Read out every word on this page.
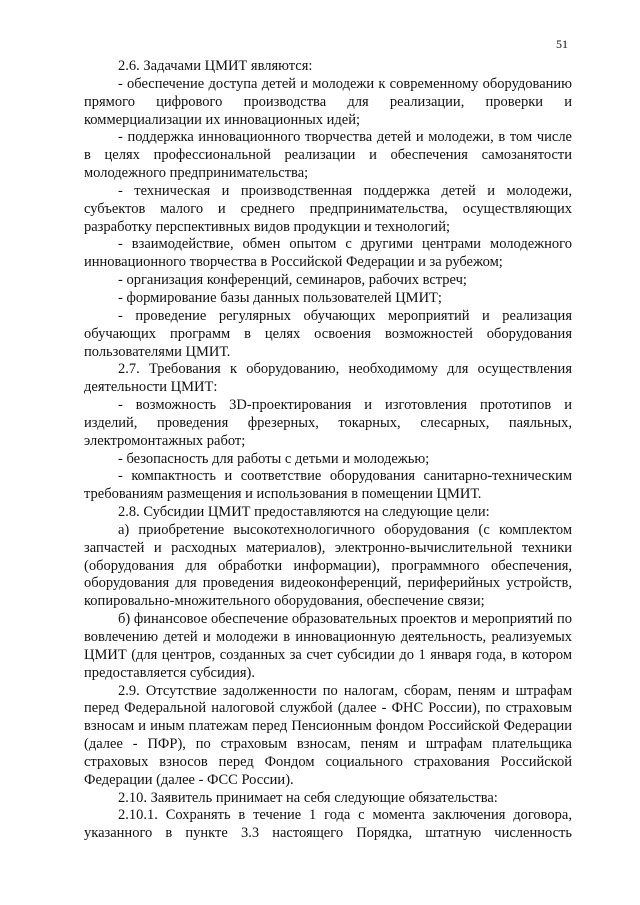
51

2.6. Задачами ЦМИТ являются:

- обеспечение доступа детей и молодежи к современному оборудованию прямого цифрового производства для реализации, проверки и коммерциализации их инновационных идей;

- поддержка инновационного творчества детей и молодежи, в том числе в целях профессиональной реализации и обеспечения самозанятости молодежного предпринимательства;

- техническая и производственная поддержка детей и молодежи, субъектов малого и среднего предпринимательства, осуществляющих разработку перспективных видов продукции и технологий;

- взаимодействие, обмен опытом с другими центрами молодежного инновационного творчества в Российской Федерации и за рубежом;

- организация конференций, семинаров, рабочих встреч;

- формирование базы данных пользователей ЦМИТ;

- проведение регулярных обучающих мероприятий и реализация обучающих программ в целях освоения возможностей оборудования пользователями ЦМИТ.

2.7. Требования к оборудованию, необходимому для осуществления деятельности ЦМИТ:

- возможность 3D-проектирования и изготовления прототипов и изделий, проведения фрезерных, токарных, слесарных, паяльных, электромонтажных работ;

- безопасность для работы с детьми и молодежью;

- компактность и соответствие оборудования санитарно-техническим требованиям размещения и использования в помещении ЦМИТ.

2.8. Субсидии ЦМИТ предоставляются на следующие цели:

а) приобретение высокотехнологичного оборудования (с комплектом запчастей и расходных материалов), электронно-вычислительной техники (оборудования для обработки информации), программного обеспечения, оборудования для проведения видеоконференций, периферийных устройств, копировально-множительного оборудования, обеспечение связи;

б) финансовое обеспечение образовательных проектов и мероприятий по вовлечению детей и молодежи в инновационную деятельность, реализуемых ЦМИТ (для центров, созданных за счет субсидии до 1 января года, в котором предоставляется субсидия).

2.9. Отсутствие задолженности по налогам, сборам, пеням и штрафам перед Федеральной налоговой службой (далее - ФНС России), по страховым взносам и иным платежам перед Пенсионным фондом Российской Федерации (далее - ПФР), по страховым взносам, пеням и штрафам плательщика страховых взносов перед Фондом социального страхования Российской Федерации (далее - ФСС России).

2.10. Заявитель принимает на себя следующие обязательства:

2.10.1. Сохранять в течение 1 года с момента заключения договора, указанного в пункте 3.3 настоящего Порядка, штатную численность
